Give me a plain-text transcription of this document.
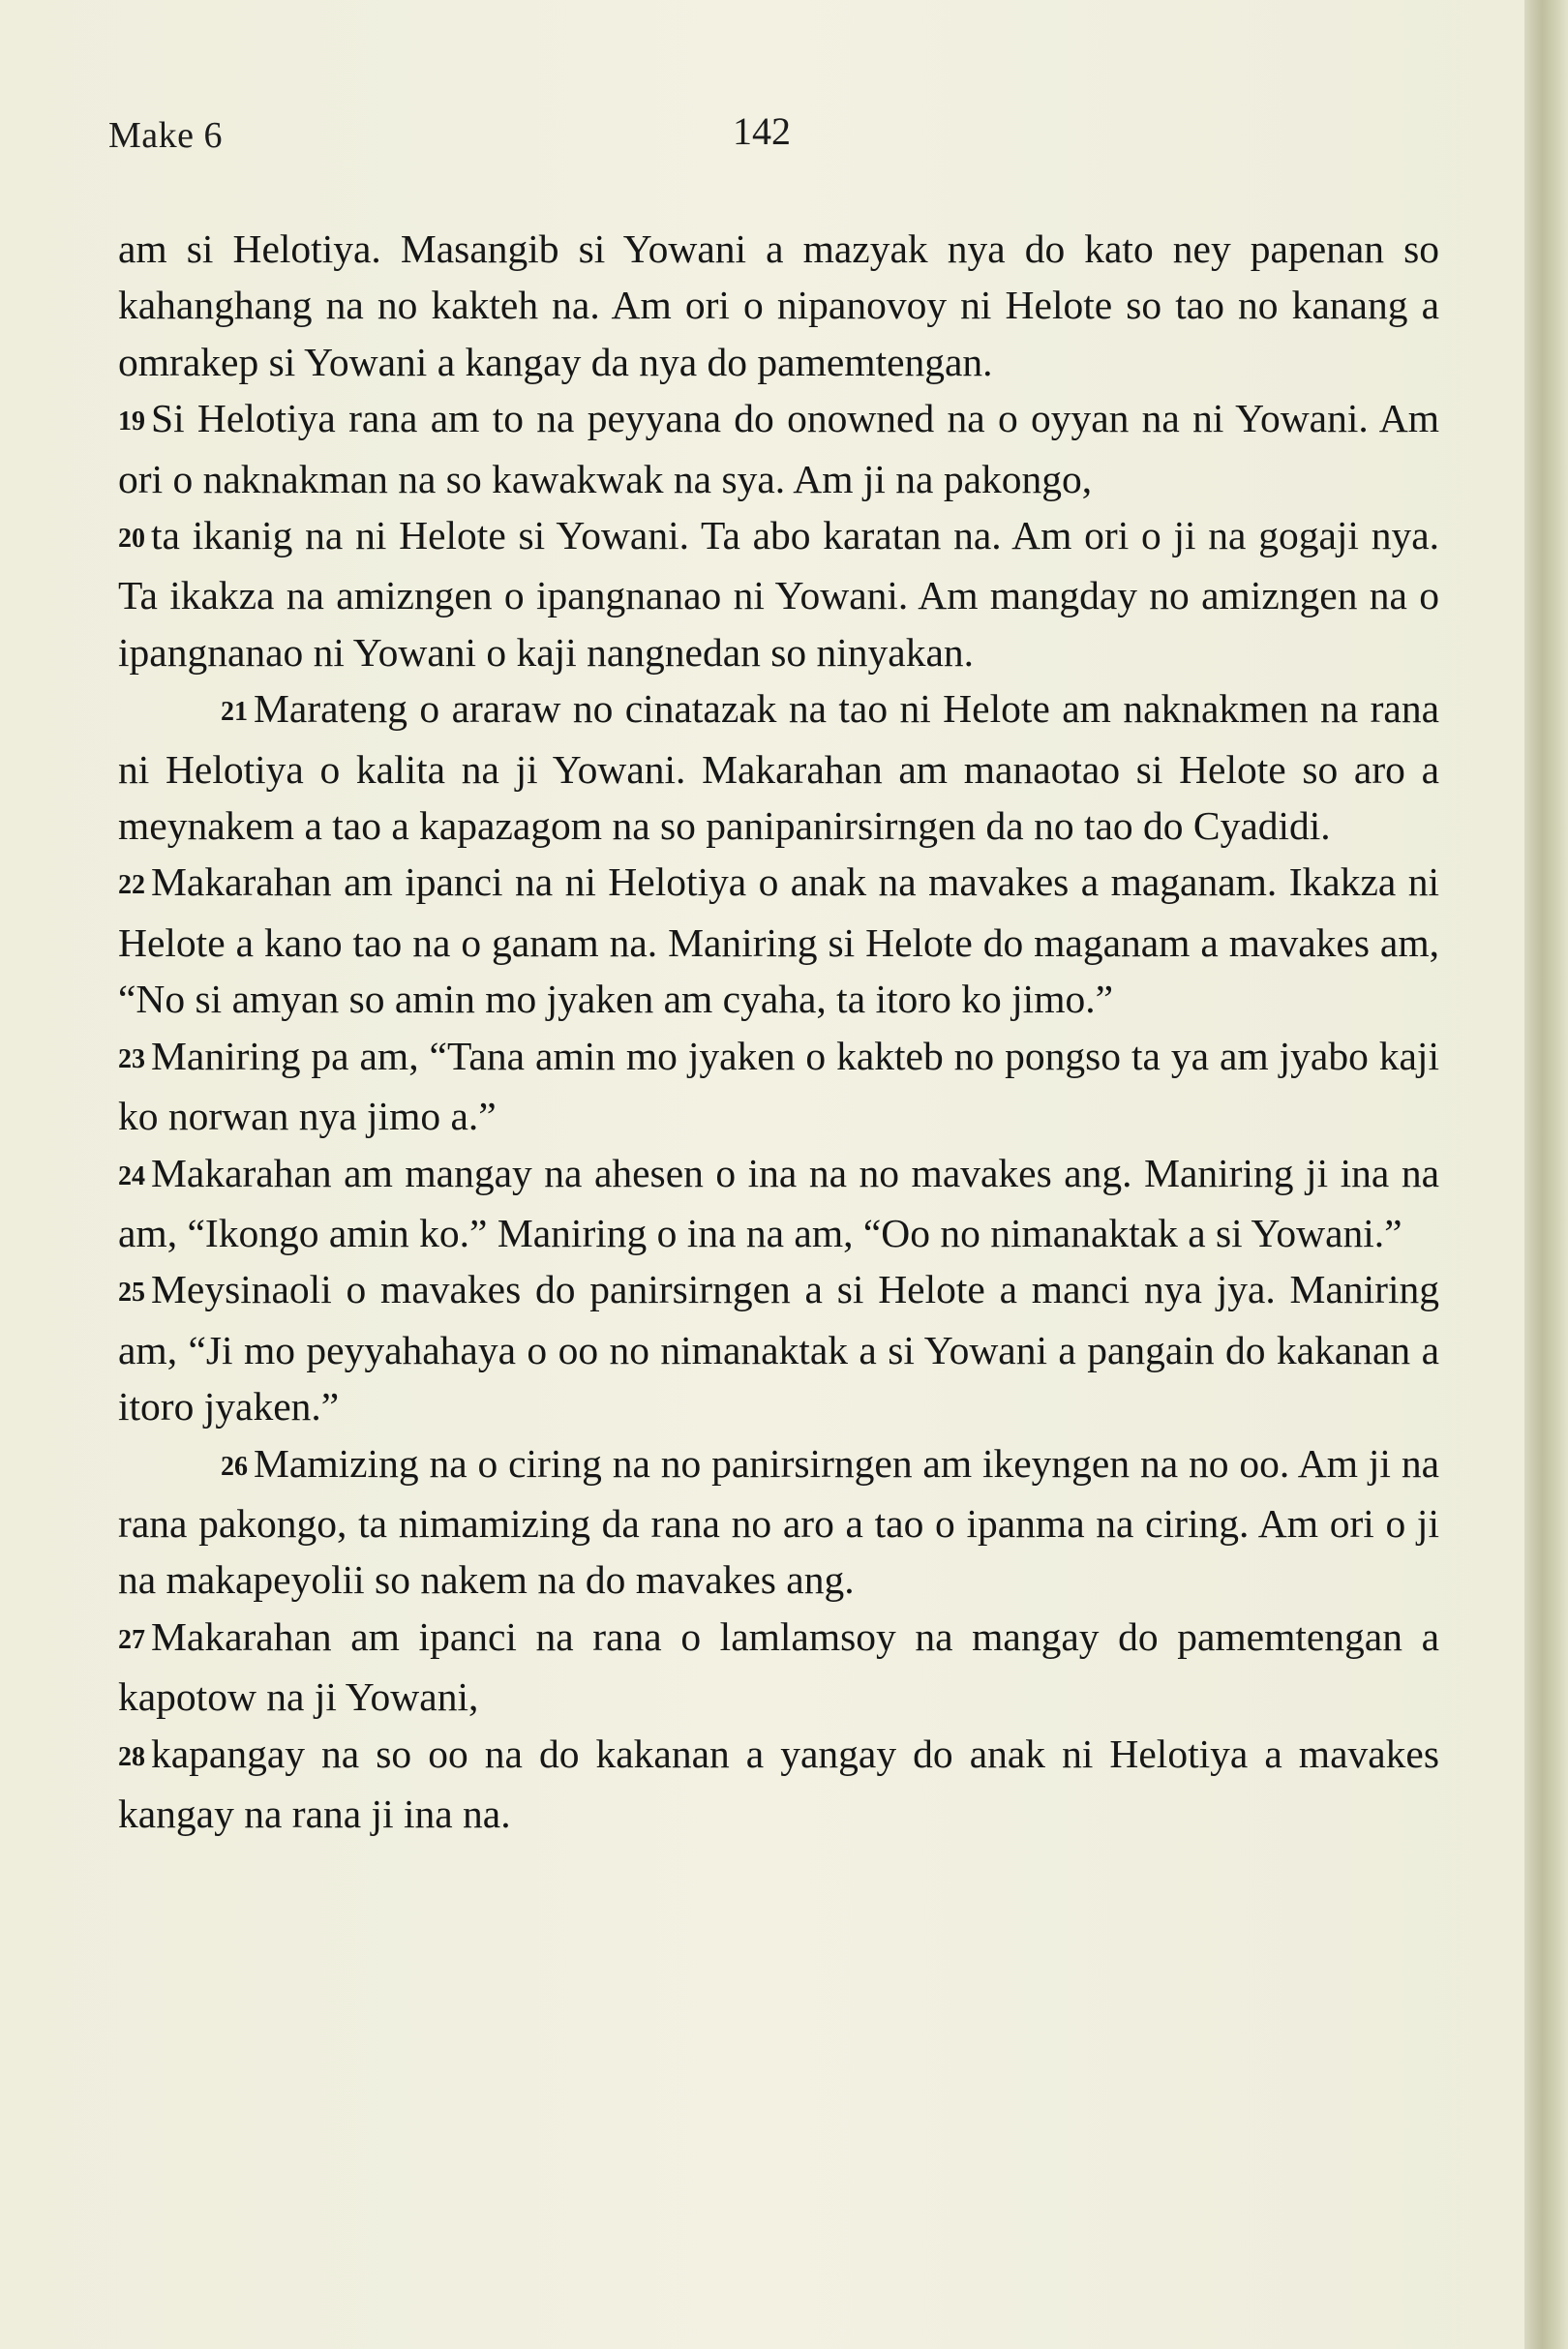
Make 6	142

am si Helotiya. Masangib si Yowani a mazyak nya do kato ney papenan so kahanghang na no kakteh na. Am ori o nipanovoy ni Helote so tao no kanang a omrakep si Yowani a kangay da nya do pamemtengan.

19 Si Helotiya rana am to na peyyana do onowned na o oyyan na ni Yowani. Am ori o naknakman na so kawakwak na sya. Am ji na pakongo,

20 ta ikanig na ni Helote si Yowani. Ta abo karatan na. Am ori o ji na gogaji nya. Ta ikakza na amizngen o ipangnanao ni Yowani. Am mangday no amizngen na o ipangnanao ni Yowani o kaji nangnedan so ninyakan.

21 Marateng o araraw no cinatazak na tao ni Helote am naknakmen na rana ni Helotiya o kalita na ji Yowani. Makarahan am manaotao si Helote so aro a meynakem a tao a kapazagom na so panipanirsirngen da no tao do Cyadidi.

22 Makarahan am ipanci na ni Helotiya o anak na mavakes a maganam. Ikakza ni Helote a kano tao na o ganam na. Maniring si Helote do maganam a mavakes am, “No si amyan so amin mo jyaken am cyaha, ta itoro ko jimo.”

23 Maniring pa am, “Tana amin mo jyaken o kakteb no pongso ta ya am jyabo kaji ko norwan nya jimo a.”

24 Makarahan am mangay na ahesen o ina na no mavakes ang. Maniring ji ina na am, “Ikongo amin ko.” Maniring o ina na am, “Oo no nimanaktak a si Yowani.”

25 Meysinaoli o mavakes do panirsirngen a si Helote a manci nya jya. Maniring am, “Ji mo peyyahahaya o oo no nimanaktak a si Yowani a pangain do kakanan a itoro jyaken.”

26 Mamizing na o ciring na no panirsirngen am ikeyngen na no oo. Am ji na rana pakongo, ta nimamizing da rana no aro a tao o ipanma na ciring. Am ori o ji na makapeyolii so nakem na do mavakes ang.

27 Makarahan am ipanci na rana o lamlamsoy na mangay do pamemtengan a kapotow na ji Yowani,

28 kapangay na so oo na do kakanan a yangay do anak ni Helotiya a mavakes kangay na rana ji ina na.
